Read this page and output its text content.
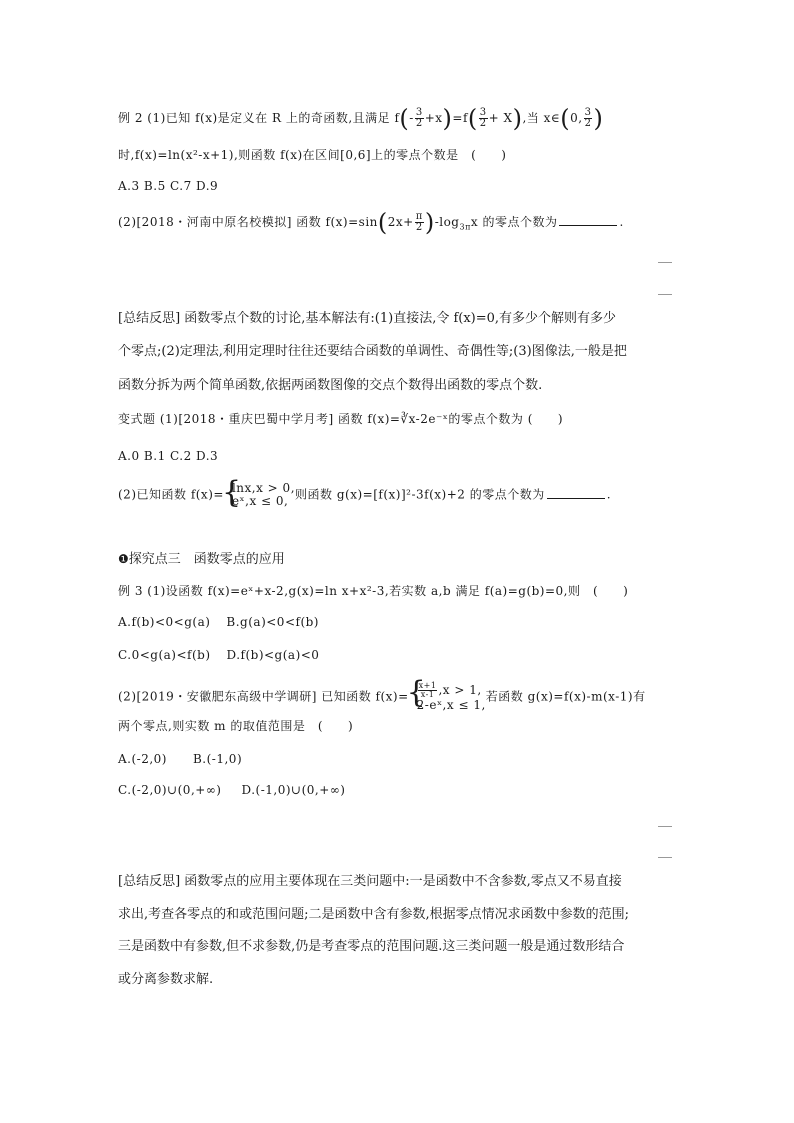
例 2 (1)已知 f(x)是定义在 R 上的奇函数,且满足 $f(- \frac{3}{2} +x)=f( \frac{3}{2} + X)$,当 x∈(0, $\frac{3}{2}$ )
时,f(x)=ln(x²-x+1),则函数 f(x)在区间[0,6]上的零点个数是　(　　)
A.3 B.5 C.7 D.9
(2)[2018・河南中原名校模拟] 函数 $f(x)=\sin(2x+ \frac{\pi}{2} )-\log_{3\pi}x$ 的零点个数为	.
[总结反思] 函数零点个数的讨论,基本解法有:(1)直接法,令 f(x)=0,有多少个解则有多少
个零点;(2)定理法,利用定理时往往还要结合函数的单调性、奇偶性等;(3)图像法,一般是把
函数分拆为两个简单函数,依据两函数图像的交点个数得出函数的零点个数.
变式题 (1)[2018・重庆巴蜀中学月考] 函数 f(x)=∛x-2e⁻ˣ的零点个数为 (　　)
A.0 B.1 C.2 D.3
(2)已知函数 f(x)= { lnx,x > 0,
eˣ,x ≤ 0, 则函数 g(x)=[f(x)]²-3f(x)+2 的零点个数为	.
❶探究点三　函数零点的应用
例 3 (1)设函数 f(x)=eˣ+x-2,g(x)=ln x+x²-3,若实数 a,b 满足 f(a)=g(b)=0,则　(　　)
A.f(b)<0<g(a) B.g(a)<0<f(b)
C.0<g(a)<f(b) D.f(b)<g(a)<0
(2)[2019・安徽肥东高级中学调研] 已知函数 f(x)= { $\frac{x+1}{x-1} ,x > 1$,
2-eˣ,x ≤ 1,
若函数 g(x)=f(x)-m(x-1)有
两个零点,则实数 m 的取值范围是　(　　)
A.(-2,0) B.(-1,0)
C.(-2,0)∪(0,+∞) D.(-1,0)∪(0,+∞)
[总结反思] 函数零点的应用主要体现在三类问题中:一是函数中不含参数,零点又不易直接
求出,考查各零点的和或范围问题;二是函数中含有参数,根据零点情况求函数中参数的范围;
三是函数中有参数,但不求参数,仍是考查零点的范围问题.这三类问题一般是通过数形结合
或分离参数求解.
